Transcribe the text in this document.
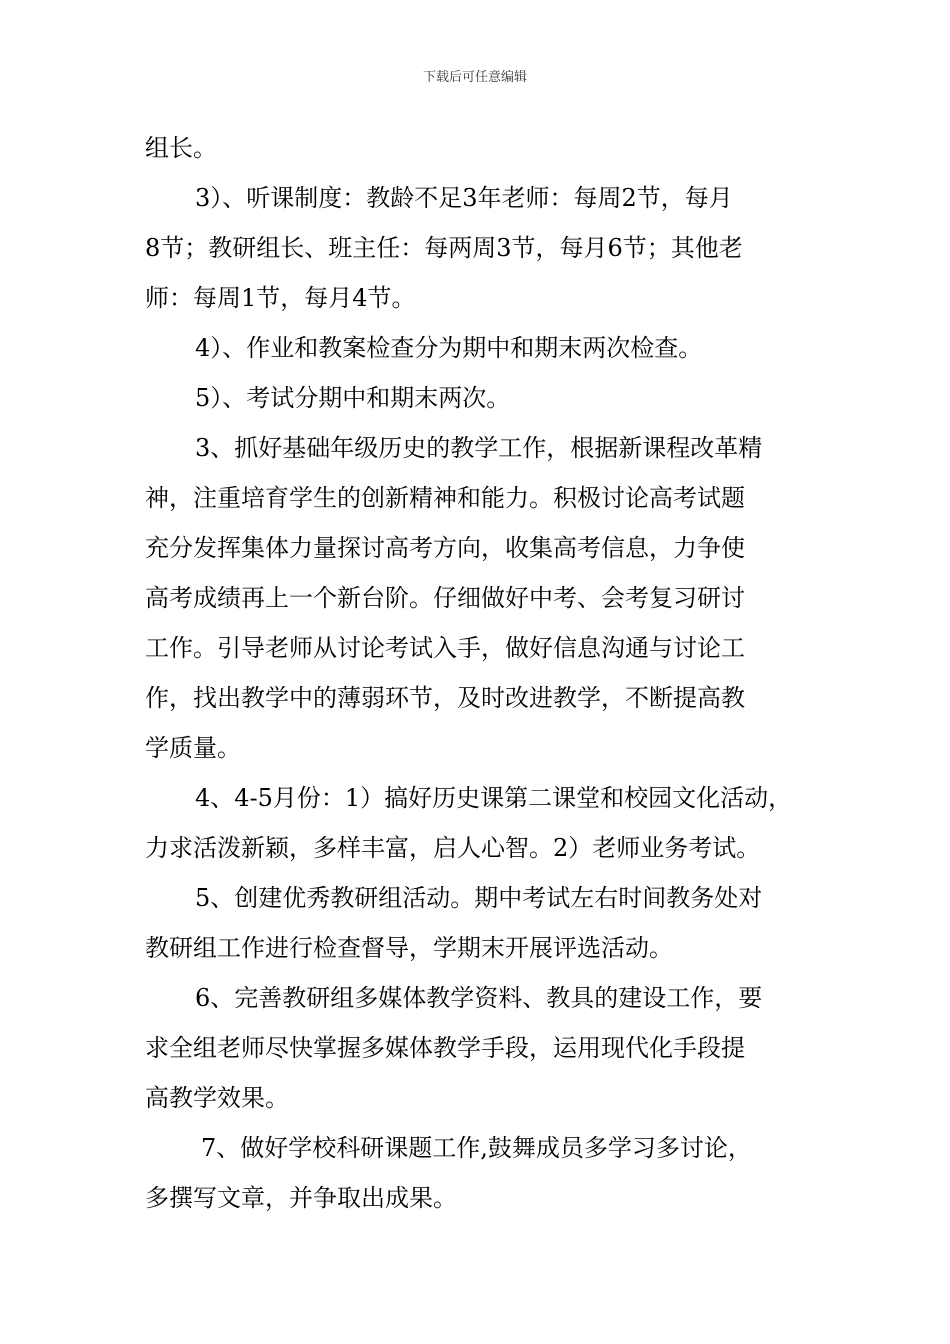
下载后可任意编辑

组长。

3）、听课制度：教龄不足3年老师：每周2节，每月

8节；教研组长、班主任：每两周3节，每月6节；其他老

师：每周1节，每月4节。

4）、作业和教案检查分为期中和期末两次检查。

5）、考试分期中和期末两次。

3、抓好基础年级历史的教学工作，根据新课程改革精

神，注重培育学生的创新精神和能力。积极讨论高考试题

充分发挥集体力量探讨高考方向，收集高考信息，力争使

高考成绩再上一个新台阶。仔细做好中考、会考复习研讨

工作。引导老师从讨论考试入手，做好信息沟通与讨论工

作，找出教学中的薄弱环节，及时改进教学，不断提高教

学质量。

4、4-5月份：1）搞好历史课第二课堂和校园文化活动，

力求活泼新颖，多样丰富，启人心智。2）老师业务考试。

5、创建优秀教研组活动。期中考试左右时间教务处对

教研组工作进行检查督导，学期末开展评选活动。

6、完善教研组多媒体教学资料、教具的建设工作，要

求全组老师尽快掌握多媒体教学手段，运用现代化手段提

高教学效果。

7、做好学校科研课题工作,鼓舞成员多学习多讨论，

多撰写文章，并争取出成果。
